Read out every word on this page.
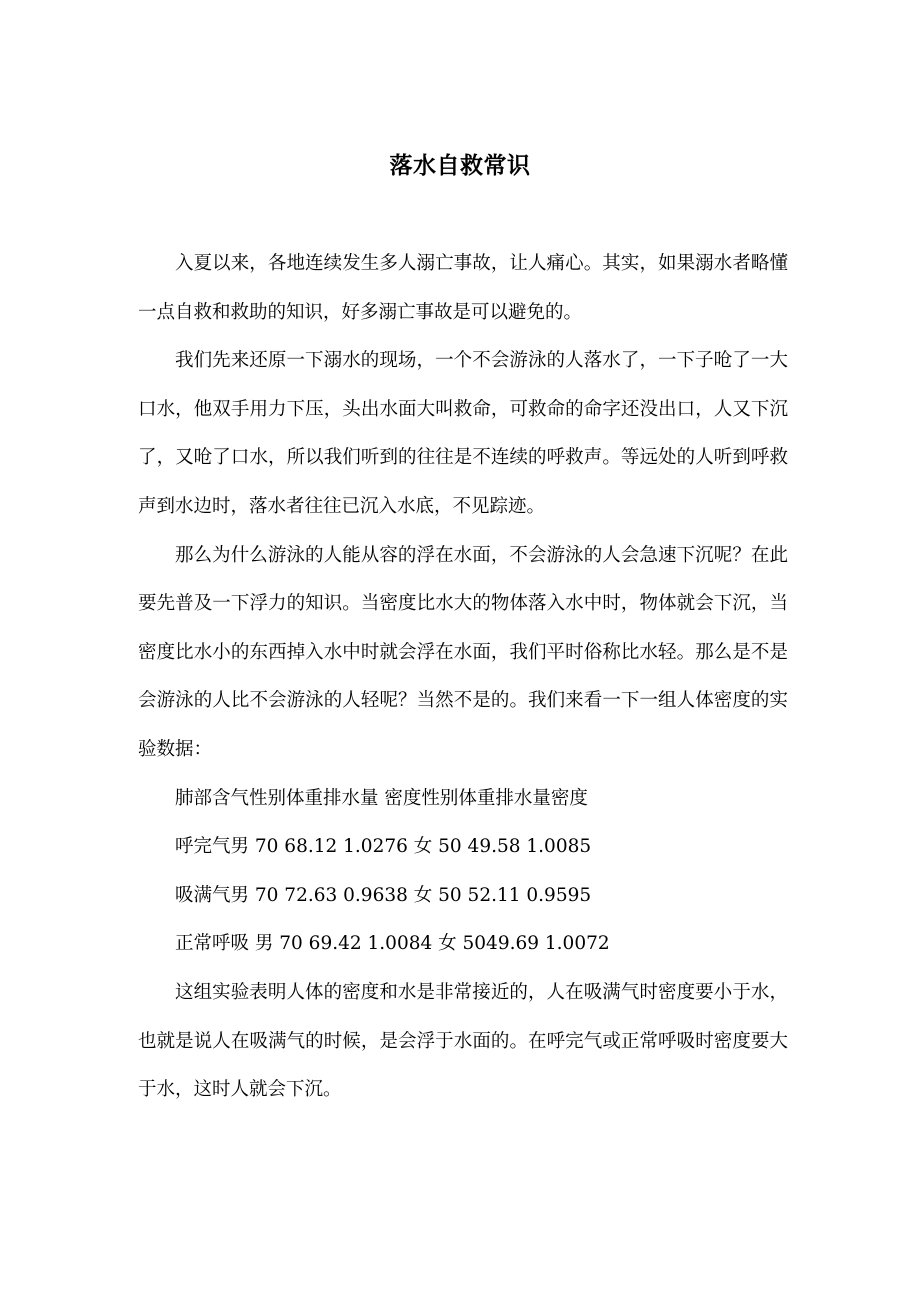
落水自救常识

入夏以来，各地连续发生多人溺亡事故，让人痛心。其实，如果溺水者略懂一点自救和救助的知识，好多溺亡事故是可以避免的。

我们先来还原一下溺水的现场，一个不会游泳的人落水了，一下子呛了一大口水，他双手用力下压，头出水面大叫救命，可救命的命字还没出口，人又下沉了，又呛了口水，所以我们听到的往往是不连续的呼救声。等远处的人听到呼救声到水边时，落水者往往已沉入水底，不见踪迹。

那么为什么游泳的人能从容的浮在水面，不会游泳的人会急速下沉呢？在此要先普及一下浮力的知识。当密度比水大的物体落入水中时，物体就会下沉，当密度比水小的东西掉入水中时就会浮在水面，我们平时俗称比水轻。那么是不是会游泳的人比不会游泳的人轻呢？当然不是的。我们来看一下一组人体密度的实验数据：

肺部含气性别体重排水量 密度性别体重排水量密度

呼完气男 70 68.12 1.0276 女 50 49.58 1.0085

吸满气男 70 72.63 0.9638 女 50 52.11 0.9595

正常呼吸 男 70 69.42 1.0084 女 5049.69 1.0072

这组实验表明人体的密度和水是非常接近的，人在吸满气时密度要小于水，也就是说人在吸满气的时候，是会浮于水面的。在呼完气或正常呼吸时密度要大于水，这时人就会下沉。
